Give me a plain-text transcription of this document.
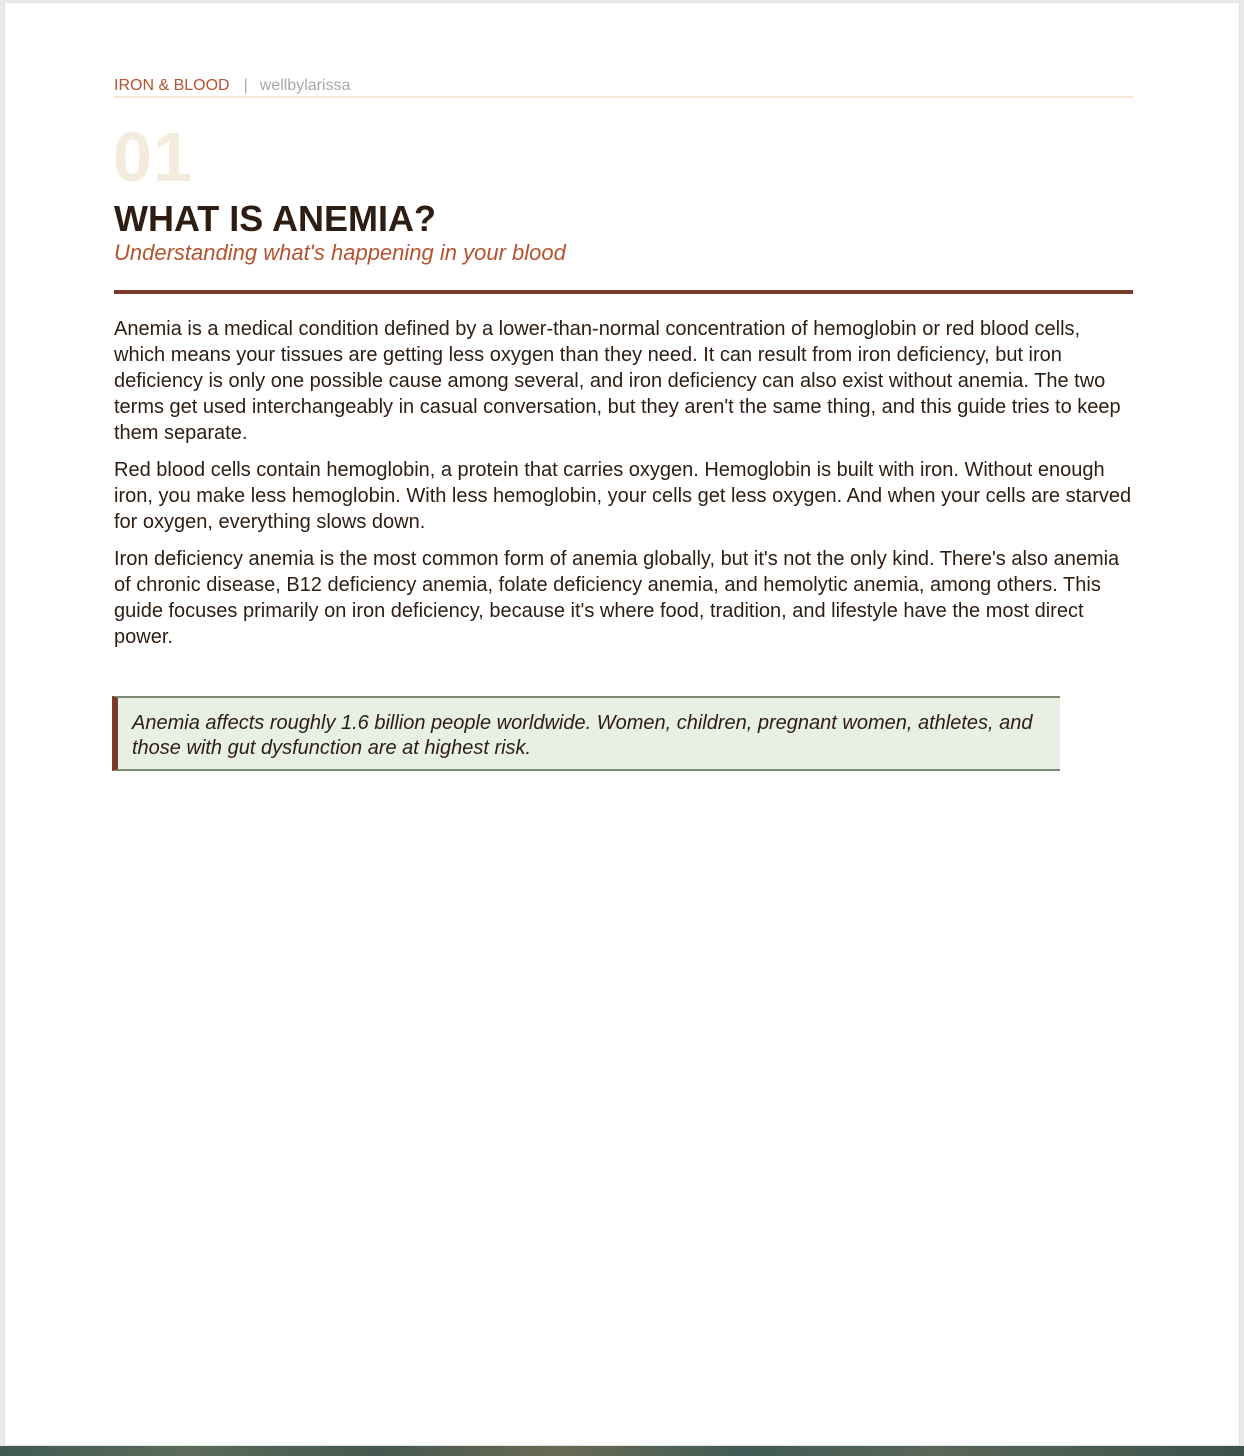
IRON & BLOOD | wellbylarissa
01
WHAT IS ANEMIA?
Understanding what's happening in your blood

Anemia is a medical condition defined by a lower-than-normal concentration of hemoglobin or red blood cells, which means your tissues are getting less oxygen than they need. It can result from iron deficiency, but iron deficiency is only one possible cause among several, and iron deficiency can also exist without anemia. The two terms get used interchangeably in casual conversation, but they aren't the same thing, and this guide tries to keep them separate.

Red blood cells contain hemoglobin, a protein that carries oxygen. Hemoglobin is built with iron. Without enough iron, you make less hemoglobin. With less hemoglobin, your cells get less oxygen. And when your cells are starved for oxygen, everything slows down.

Iron deficiency anemia is the most common form of anemia globally, but it's not the only kind. There's also anemia of chronic disease, B12 deficiency anemia, folate deficiency anemia, and hemolytic anemia, among others. This guide focuses primarily on iron deficiency, because it's where food, tradition, and lifestyle have the most direct power.

Anemia affects roughly 1.6 billion people worldwide. Women, children, pregnant women, athletes, and those with gut dysfunction are at highest risk.
